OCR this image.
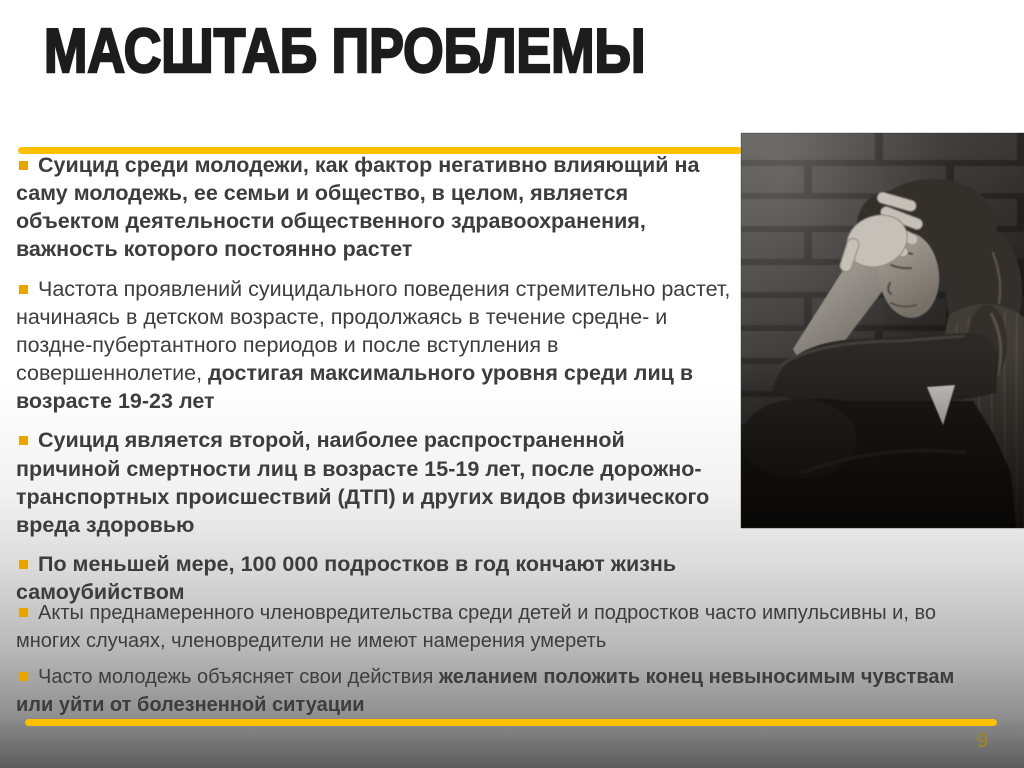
МАСШТАБ ПРОБЛЕМЫ

Суицид среди молодежи, как фактор негативно влияющий на саму молодежь, ее семьи и общество, в целом, является объектом деятельности общественного здравоохранения, важность которого постоянно растет

Частота проявлений суицидального поведения стремительно растет, начинаясь в детском возрасте, продолжаясь в течение средне- и поздне-пубертантного периодов и после вступления в совершеннолетие, достигая максимального уровня среди лиц в возрасте 19-23 лет

Суицид является второй, наиболее распространенной причиной смертности лиц в возрасте 15-19 лет, после дорожно-транспортных происшествий (ДТП) и других видов физического вреда здоровью

По меньшей мере, 100 000 подростков в год кончают жизнь самоубийством

Акты преднамеренного членовредительства среди детей и подростков часто импульсивны и, во многих случаях, членовредители не имеют намерения умереть

Часто молодежь объясняет свои действия желанием положить конец невыносимым чувствам или уйти от болезненной ситуации

9
